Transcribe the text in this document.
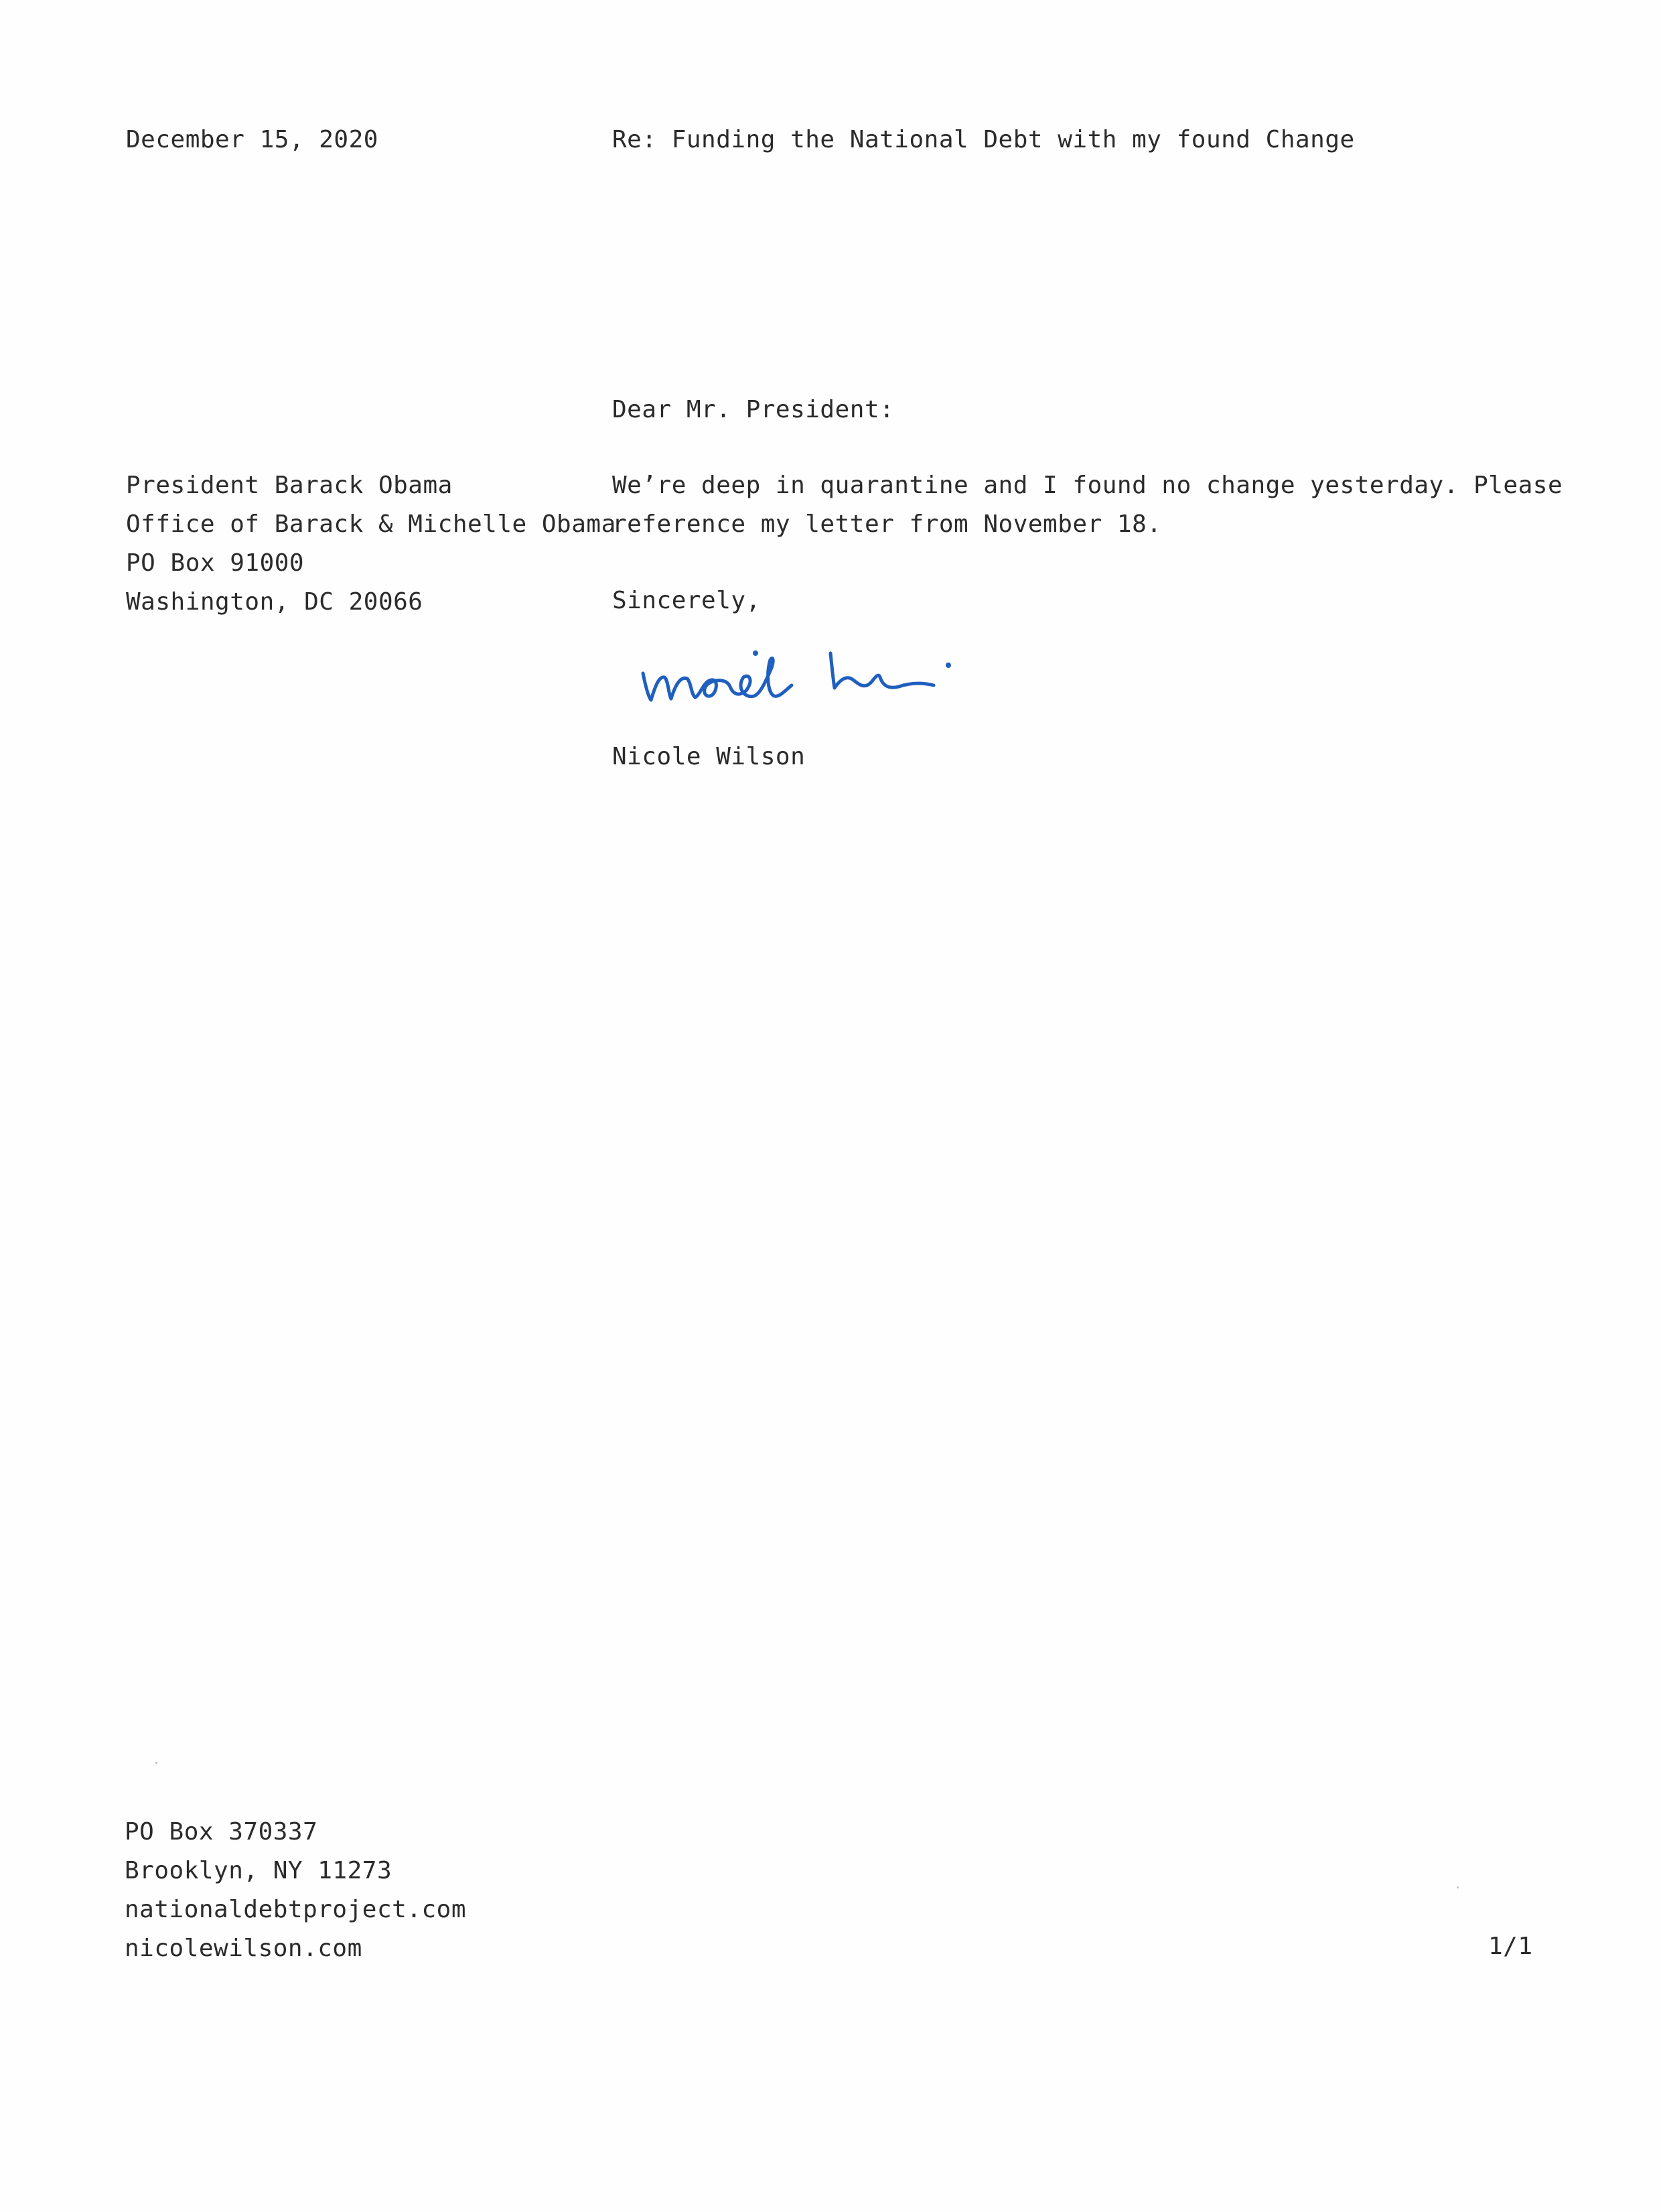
December 15, 2020	Re: Funding the National Debt with my found Change
Dear Mr. President:
President Barack Obama
Office of Barack & Michelle Obama
PO Box 91000
Washington, DC 20066
We’re deep in quarantine and I found no change yesterday. Please
reference my letter from November 18.
Sincerely,
Nicole Wilson
PO Box 370337
Brooklyn, NY 11273
nationaldebtproject.com
nicolewilson.com	1/1
